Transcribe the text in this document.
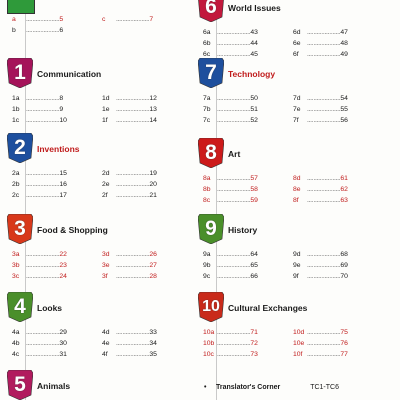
a .....................5	c .....................7
b .....................6
1	Communication
1a .....................8	1d .....................12
1b .....................9	1e .....................13
1c .....................10	1f .....................14
2	Inventions
2a .....................15	2d .....................19
2b .....................16	2e .....................20
2c .....................17	2f .....................21
3	Food & Shopping
3a .....................22	3d .....................26
3b .....................23	3e .....................27
3c .....................24	3f .....................28
4	Looks
4a .....................29	4d .....................33
4b .....................30	4e .....................34
4c .....................31	4f .....................35
5	Animals
6	World Issues
6a .....................43	6d .....................47
6b .....................44	6e .....................48
6c .....................45	6f .....................49
7	Technology
7a .....................50	7d .....................54
7b .....................51	7e .....................55
7c .....................52	7f .....................56
8	Art
8a .....................57	8d .....................61
8b .....................58	8e .....................62
8c .....................59	8f .....................63
9	History
9a .....................64	9d .....................68
9b .....................65	9e .....................69
9c .....................66	9f .....................70
10 Cultural Exchanges
10a .....................71	10d .....................75
10b .....................72	10e .....................76
10c .....................73	10f .....................77
• Translator's Corner	TC1-TC6
